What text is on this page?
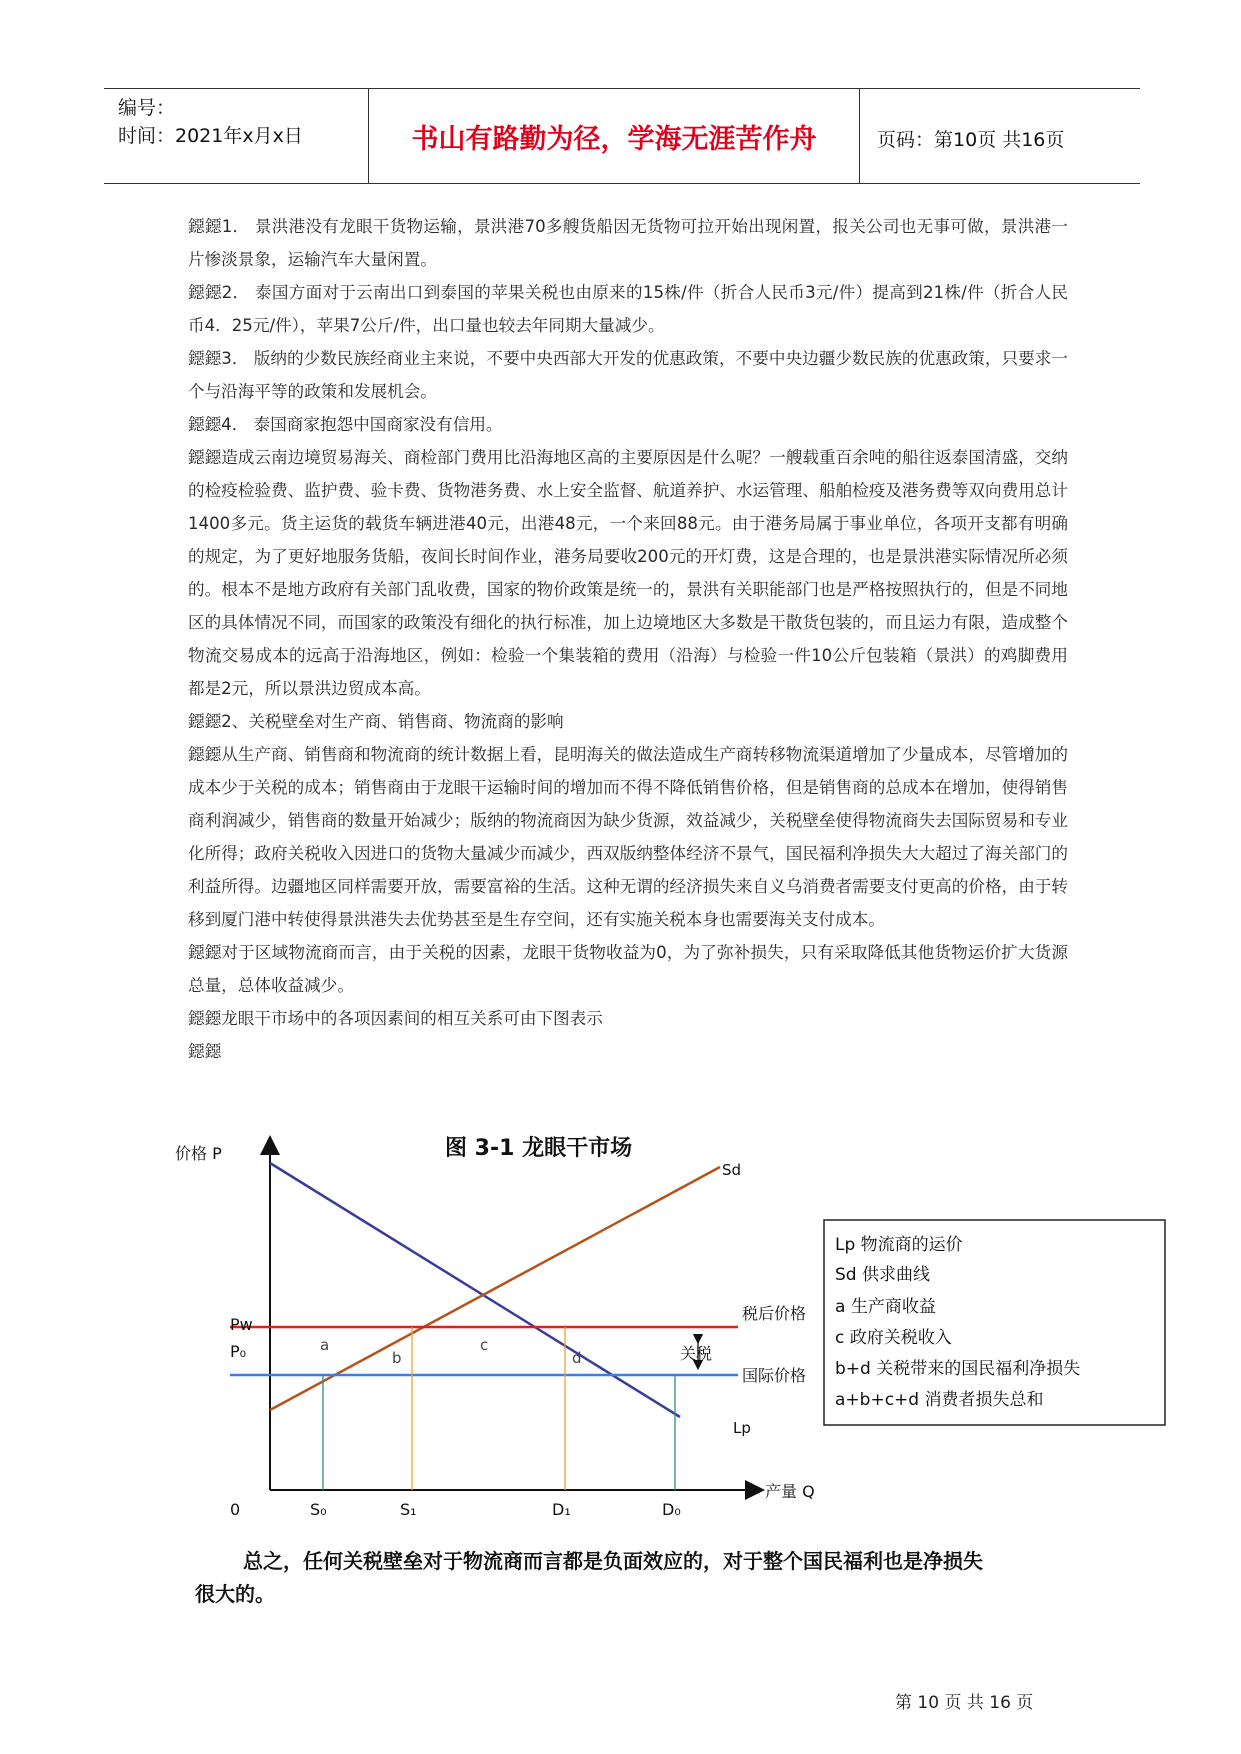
编号：
时间：2021年x月x日	书山有路勤为径，学海无涯苦作舟	页码：第10页 共16页

鐚鐚1． 景洪港没有龙眼干货物运输，景洪港70多艘货船因无货物可拉开始出现闲置，报关公司也无事可做，景洪港一片惨淡景象，运输汽车大量闲置。

鐚鐚2． 泰国方面对于云南出口到泰国的苹果关税也由原来的15株/件（折合人民币3元/件）提高到21株/件（折合人民币4．25元/件），苹果7公斤/件，出口量也较去年同期大量减少。

鐚鐚3． 版纳的少数民族经商业主来说，不要中央西部大开发的优惠政策，不要中央边疆少数民族的优惠政策，只要求一个与沿海平等的政策和发展机会。

鐚鐚4． 泰国商家抱怨中国商家没有信用。

鐚鐚造成云南边境贸易海关、商检部门费用比沿海地区高的主要原因是什么呢？一艘载重百余吨的船往返泰国清盛，交纳的检疫检验费、监护费、验卡费、货物港务费、水上安全监督、航道养护、水运管理、船舶检疫及港务费等双向费用总计1400多元。货主运货的载货车辆进港40元，出港48元，一个来回88元。由于港务局属于事业单位，各项开支都有明确的规定，为了更好地服务货船，夜间长时间作业，港务局要收200元的开灯费，这是合理的，也是景洪港实际情况所必须的。根本不是地方政府有关部门乱收费，国家的物价政策是统一的，景洪有关职能部门也是严格按照执行的，但是不同地区的具体情况不同，而国家的政策没有细化的执行标准，加上边境地区大多数是干散货包装的，而且运力有限，造成整个物流交易成本的远高于沿海地区，例如：检验一个集装箱的费用（沿海）与检验一件10公斤包装箱（景洪）的鸡脚费用都是2元，所以景洪边贸成本高。

鐚鐚2、关税壁垒对生产商、销售商、物流商的影响

鐚鐚从生产商、销售商和物流商的统计数据上看，昆明海关的做法造成生产商转移物流渠道增加了少量成本，尽管增加的成本少于关税的成本；销售商由于龙眼干运输时间的增加而不得不降低销售价格，但是销售商的总成本在增加，使得销售商利润减少，销售商的数量开始减少；版纳的物流商因为缺少货源，效益减少，关税壁垒使得物流商失去国际贸易和专业化所得；政府关税收入因进口的货物大量减少而减少，西双版纳整体经济不景气，国民福利净损失大大超过了海关部门的利益所得。边疆地区同样需要开放，需要富裕的生活。这种无谓的经济损失来自义乌消费者需要支付更高的价格，由于转移到厦门港中转使得景洪港失去优势甚至是生存空间，还有实施关税本身也需要海关支付成本。

鐚鐚对于区域物流商而言，由于关税的因素，龙眼干货物收益为0，为了弥补损失，只有采取降低其他货物运价扩大货源总量，总体收益减少。

鐚鐚龙眼干市场中的各项因素间的相互关系可由下图表示

鐚鐚

图 3-1 龙眼干市场
价格 P
产量 Q
0	S₀	S₁	D₁	D₀
Pw
P₀
Sd
Lp
税后价格
国际价格
a
b
c
d	关税
Lp 物流商的运价
Sd 供求曲线
a 生产商收益
c 政府关税收入
b+d 关税带来的国民福利净损失
a+b+c+d 消费者损失总和
总之，任何关税壁垒对于物流商而言都是负面效应的，对于整个国民福利也是净损失
很大的。
第 10 页 共 16 页
